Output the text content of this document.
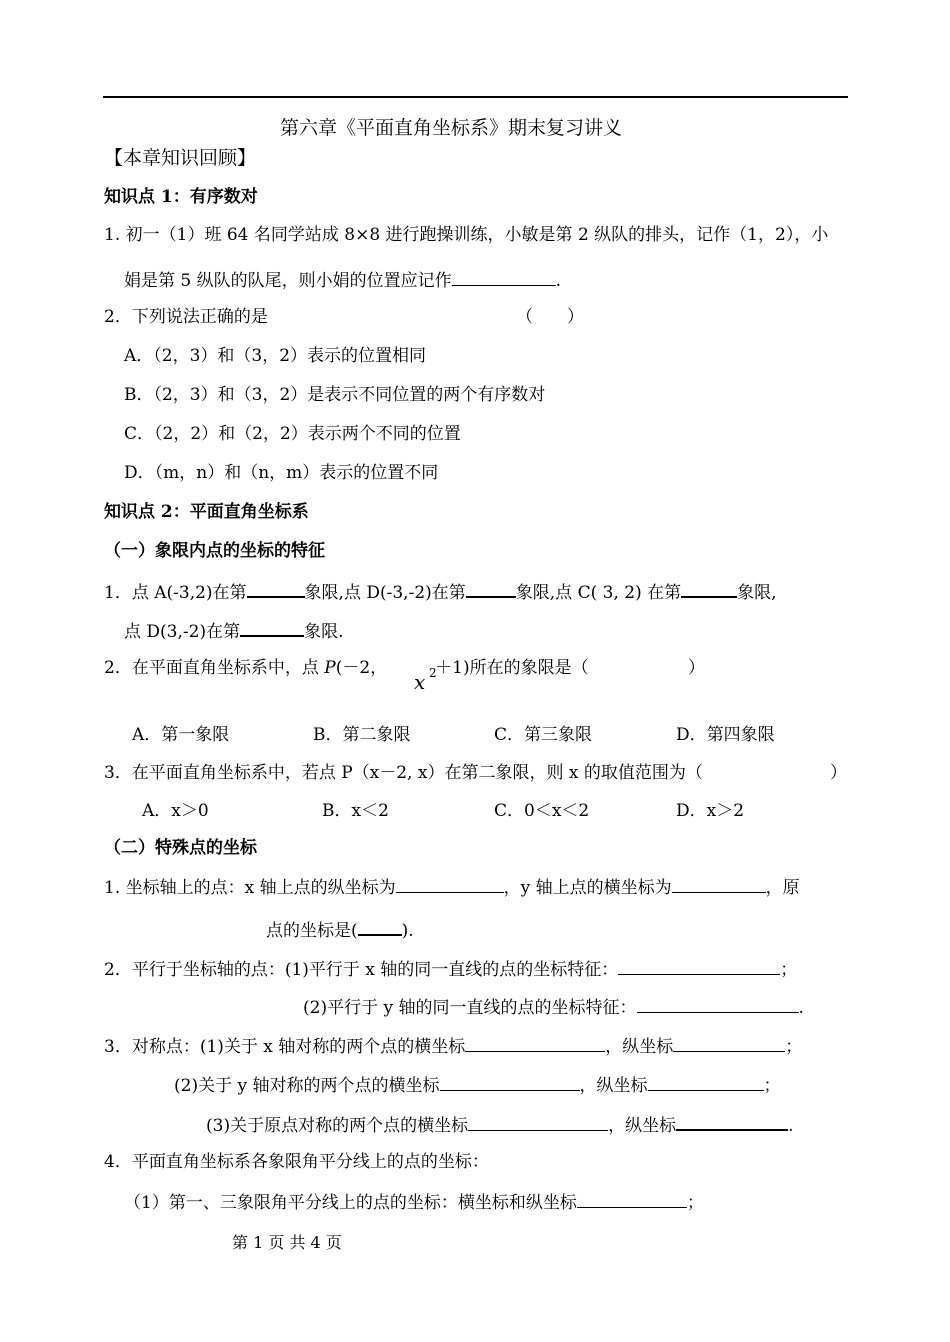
第六章《平面直角坐标系》期末复习讲义
【本章知识回顾】
知识点 1：有序数对
1. 初一（1）班 64 名同学站成 8×8 进行跑操训练，小敏是第 2 纵队的排头，记作（1，2），小
娟是第 5 纵队的队尾，则小娟的位置应记作	.
2．下列说法正确的是	（　　）
A．（2，3）和（3，2）表示的位置相同
B．（2，3）和（3，2）是表示不同位置的两个有序数对
C．（2，2）和（2，2）表示两个不同的位置
D．（m，n）和（n，m）表示的位置不同
知识点 2：平面直角坐标系
（一）象限内点的坐标的特征
1．点 A(-3,2)在第	象限,点 D(-3,-2)在第	象限,点 C( 3, 2) 在第	象限,
点 D(3,-2)在第	象限.
2．在平面直角坐标系中，点 P(－2，	＋1)所在的象限是（
x 2	）
A．第一象限	B．第二象限	C．第三象限	D．第四象限
3．在平面直角坐标系中，若点 P（x－2, x）在第二象限，则 x 的取值范围为（	）
A．x＞0	B．x＜2	C．0＜x＜2	D．x＞2
（二）特殊点的坐标
1. 坐标轴上的点：x 轴上点的纵坐标为	，y 轴上点的横坐标为	，原
点的坐标是(	).
2．平行于坐标轴的点：(1)平行于 x 轴的同一直线的点的坐标特征：	；
(2)平行于 y 轴的同一直线的点的坐标特征：	.
3．对称点：(1)关于 x 轴对称的两个点的横坐标	，纵坐标	；
(2)关于 y 轴对称的两个点的横坐标	，纵坐标	；
(3)关于原点对称的两个点的横坐标	，纵坐标	.
4．平面直角坐标系各象限角平分线上的点的坐标：
（1）第一、三象限角平分线上的点的坐标：横坐标和纵坐标	；
第 1 页 共 4 页
